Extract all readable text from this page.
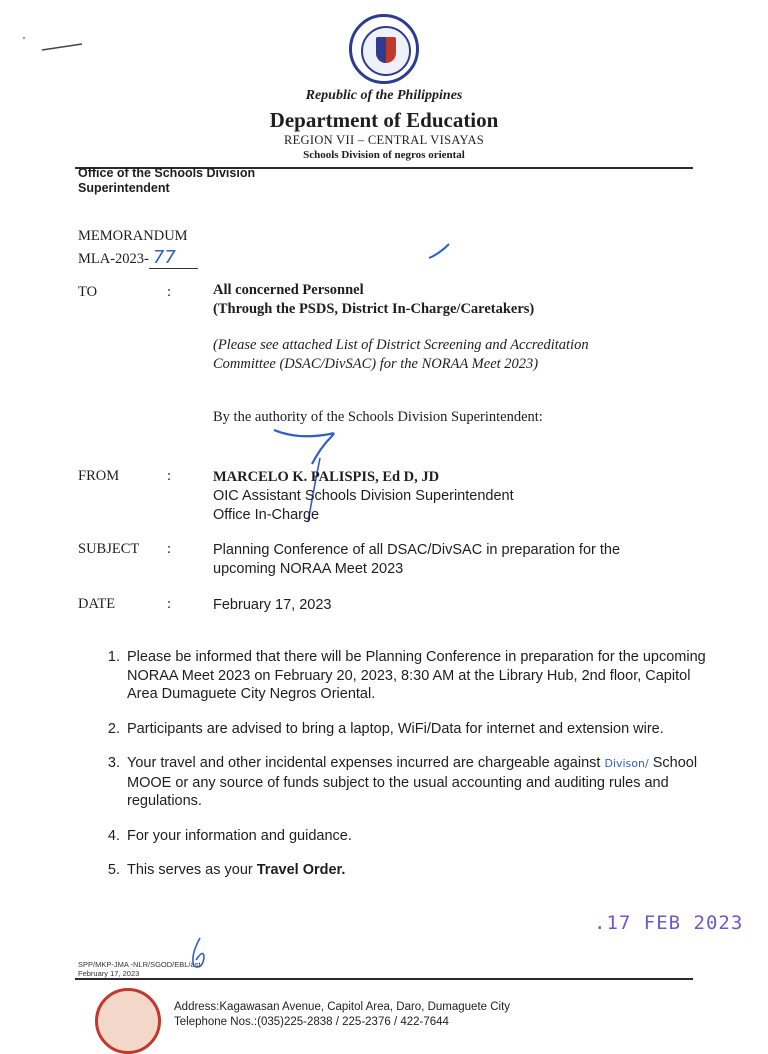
Republic of the Philippines
Department of Education
REGION VII – CENTRAL VISAYAS
Schools Division of negros oriental
Office of the Schools Division
Superintendent
MEMORANDUM
MLA-2023- 77
TO	:	All concerned Personnel
(Through the PSDS, District In-Charge/Caretakers)
(Please see attached List of District Screening and Accreditation
Committee (DSAC/DivSAC) for the NORAA Meet 2023)
By the authority of the Schools Division Superintendent:
FROM	:	MARCELO K. PALISPIS, Ed D, JD
OIC Assistant Schools Division Superintendent
Office In-Charge
SUBJECT :	Planning Conference of all DSAC/DivSAC in preparation for the
upcoming NORAA Meet 2023
DATE	:	February 17, 2023
1. Please be informed that there will be Planning Conference in preparation for the upcoming NORAA Meet 2023 on February 20, 2023, 8:30 AM at the Library Hub, 2nd floor, Capitol Area Dumaguete City Negros Oriental.
2. Participants are advised to bring a laptop, WiFi/Data for internet and extension wire.
3. Your travel and other incidental expenses incurred are chargeable against Divison/ School MOOE or any source of funds subject to the usual accounting and auditing rules and regulations.
4. For your information and guidance.
5. This serves as your Travel Order.
.17 FEB 2023
SPP/MKP-JMA -NLR/SGOD/EBL/ast
February 17, 2023
Address:Kagawasan Avenue, Capitol Area, Daro, Dumaguete City
Telephone Nos.:(035)225-2838 / 225-2376 / 422-7644
